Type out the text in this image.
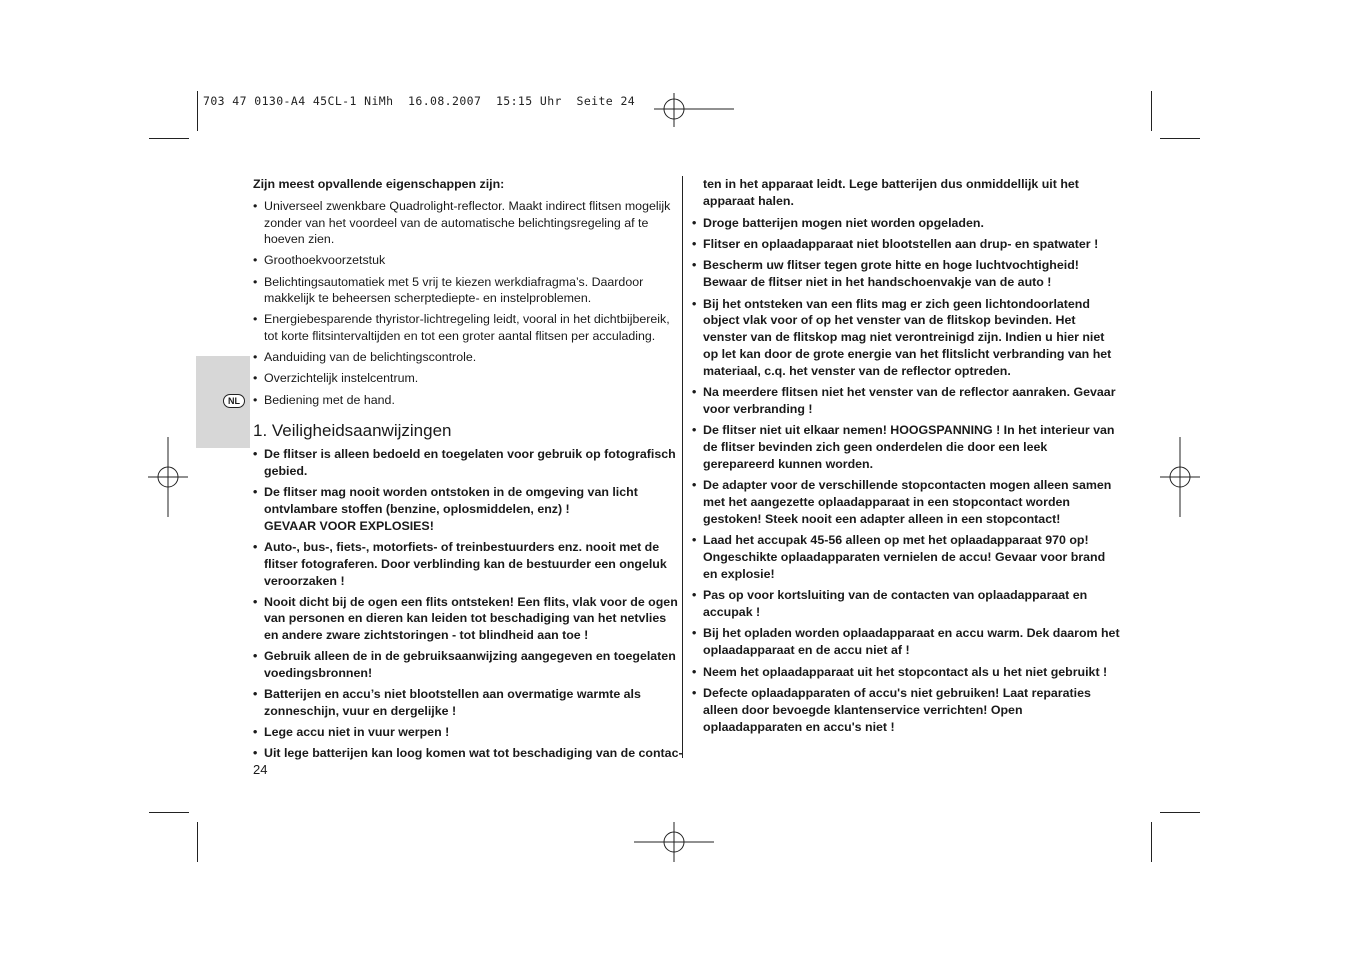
703 47 0130-A4 45CL-1 NiMh  16.08.2007  15:15 Uhr  Seite 24
NL

Zijn meest opvallende eigenschappen zijn:

• Universeel zwenkbare Quadrolight-reflector. Maakt indirect flitsen mogelijk zonder van het voordeel van de automatische belichtingsregeling af te hoeven zien.
• Groothoekvoorzetstuk
• Belichtingsautomatiek met 5 vrij te kiezen werkdiafragma’s. Daardoor makkelijk te beheersen scherptediepte- en instelproblemen.
• Energiebesparende thyristor-lichtregeling leidt, vooral in het dichtbijbereik, tot korte flitsintervaltijden en tot een groter aantal flitsen per acculading.
• Aanduiding van de belichtingscontrole.
• Overzichtelijk instelcentrum.
• Bediening met de hand.
1. Veiligheidsaanwijzingen
• De flitser is alleen bedoeld en toegelaten voor gebruik op fotografisch gebied.
• De flitser mag nooit worden ontstoken in de omgeving van licht ontvlambare stoffen (benzine, oplosmiddelen, enz) !
GEVAAR VOOR EXPLOSIES!
• Auto-, bus-, fiets-, motorfiets- of treinbestuurders enz. nooit met de flitser fotograferen. Door verblinding kan de bestuurder een ongeluk veroorzaken !
• Nooit dicht bij de ogen een flits ontsteken! Een flits, vlak voor de ogen van personen en dieren kan leiden tot beschadiging van het netvlies en andere zware zichtstoringen - tot blindheid aan toe !
• Gebruik alleen de in de gebruiksaanwijzing aangegeven en toegelaten voedingsbronnen!
• Batterijen en accu’s niet blootstellen aan overmatige warmte als zonneschijn, vuur en dergelijke !
• Lege accu niet in vuur werpen !
• Uit lege batterijen kan loog komen wat tot beschadiging van de contac-
24
ten in het apparaat leidt. Lege batterijen dus onmiddellijk uit het apparaat halen.
• Droge batterijen mogen niet worden opgeladen.
• Flitser en oplaadapparaat niet blootstellen aan drup- en spatwater !
• Bescherm uw flitser tegen grote hitte en hoge luchtvochtigheid! Bewaar de flitser niet in het handschoenvakje van de auto !
• Bij het ontsteken van een flits mag er zich geen lichtondoorlatend object vlak voor of op het venster van de flitskop bevinden. Het venster van de flitskop mag niet verontreinigd zijn. Indien u hier niet op let kan door de grote energie van het flitslicht verbranding van het materiaal, c.q. het venster van de reflector optreden.
• Na meerdere flitsen niet het venster van de reflector aanraken. Gevaar voor verbranding !
• De flitser niet uit elkaar nemen! HOOGSPANNING ! In het interieur van de flitser bevinden zich geen onderdelen die door een leek gerepareerd kunnen worden.
• De adapter voor de verschillende stopcontacten mogen alleen samen met het aangezette oplaadapparaat in een stopcontact worden gestoken! Steek nooit een adapter alleen in een stopcontact!
• Laad het accupak 45-56 alleen op met het oplaadapparaat 970 op! Ongeschikte oplaadapparaten vernielen de accu! Gevaar voor brand en explosie!
• Pas op voor kortsluiting van de contacten van oplaadapparaat en accupak !
• Bij het opladen worden oplaadapparaat en accu warm. Dek daarom het oplaadapparaat en de accu niet af !
• Neem het oplaadapparaat uit het stopcontact als u het niet gebruikt !
• Defecte oplaadapparaten of accu's niet gebruiken! Laat reparaties alleen door bevoegde klantenservice verrichten! Open oplaadapparaten en accu's niet !
